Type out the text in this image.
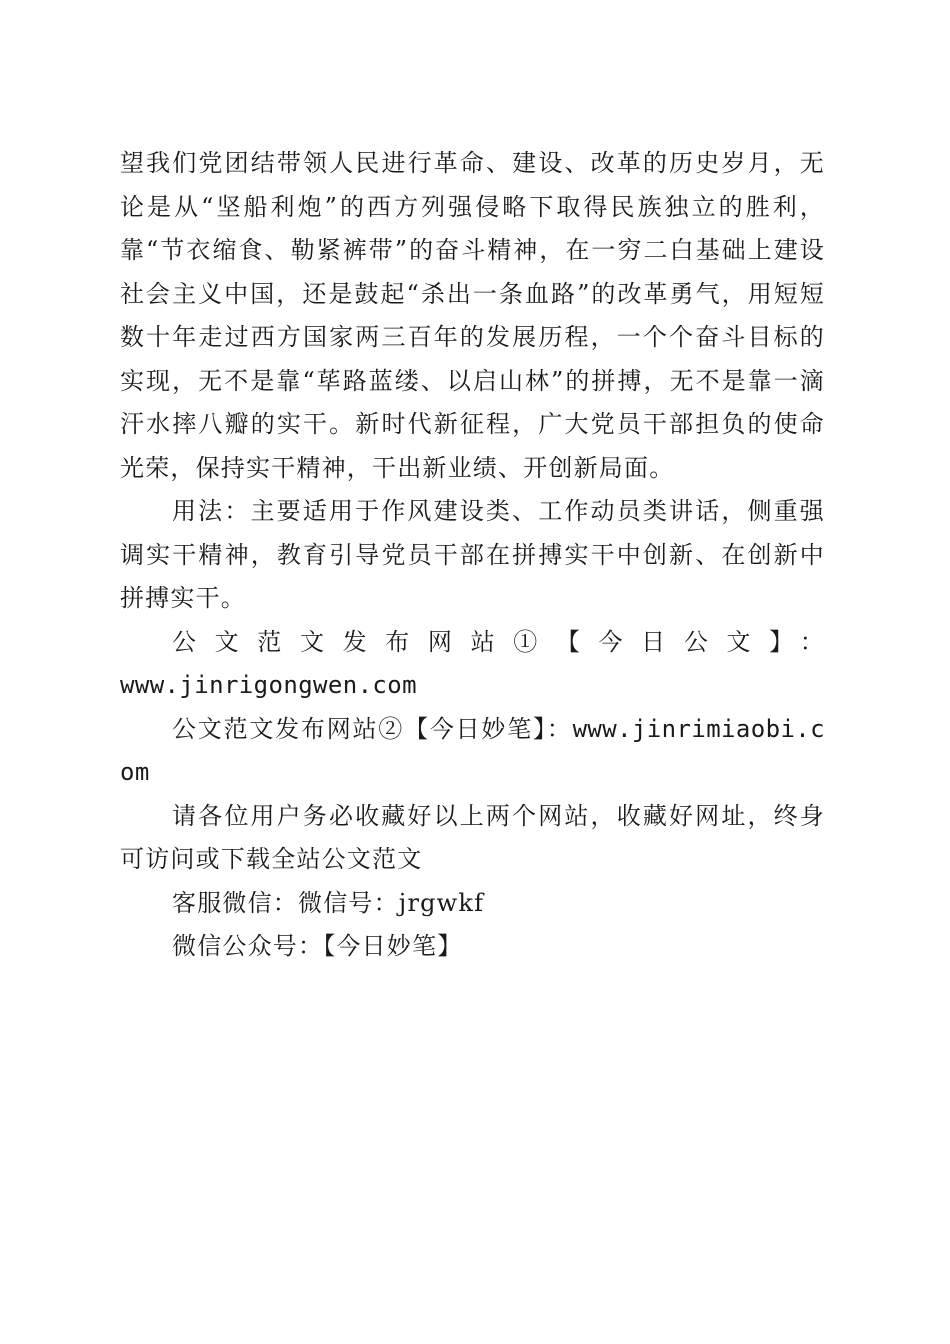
望我们党团结带领人民进行革命、建设、改革的历史岁月，无论是从“坚船利炮”的西方列强侵略下取得民族独立的胜利，靠“节衣缩食、勒紧裤带”的奋斗精神，在一穷二白基础上建设社会主义中国，还是鼓起“杀出一条血路”的改革勇气，用短短数十年走过西方国家两三百年的发展历程，一个个奋斗目标的实现，无不是靠“荜路蓝缕、以启山林”的拼搏，无不是靠一滴汗水摔八瓣的实干。新时代新征程，广大党员干部担负的使命光荣，保持实干精神，干出新业绩、开创新局面。

用法：主要适用于作风建设类、工作动员类讲话，侧重强调实干精神，教育引导党员干部在拼搏实干中创新、在创新中拼搏实干。

公文范文发布网站①【今日公文】：

www.jinrigongwen.com

公文范文发布网站②【今日妙笔】：www.jinrimiaobi.com

请各位用户务必收藏好以上两个网站，收藏好网址，终身可访问或下载全站公文范文

客服微信：微信号：jrgwkf

微信公众号：【今日妙笔】
